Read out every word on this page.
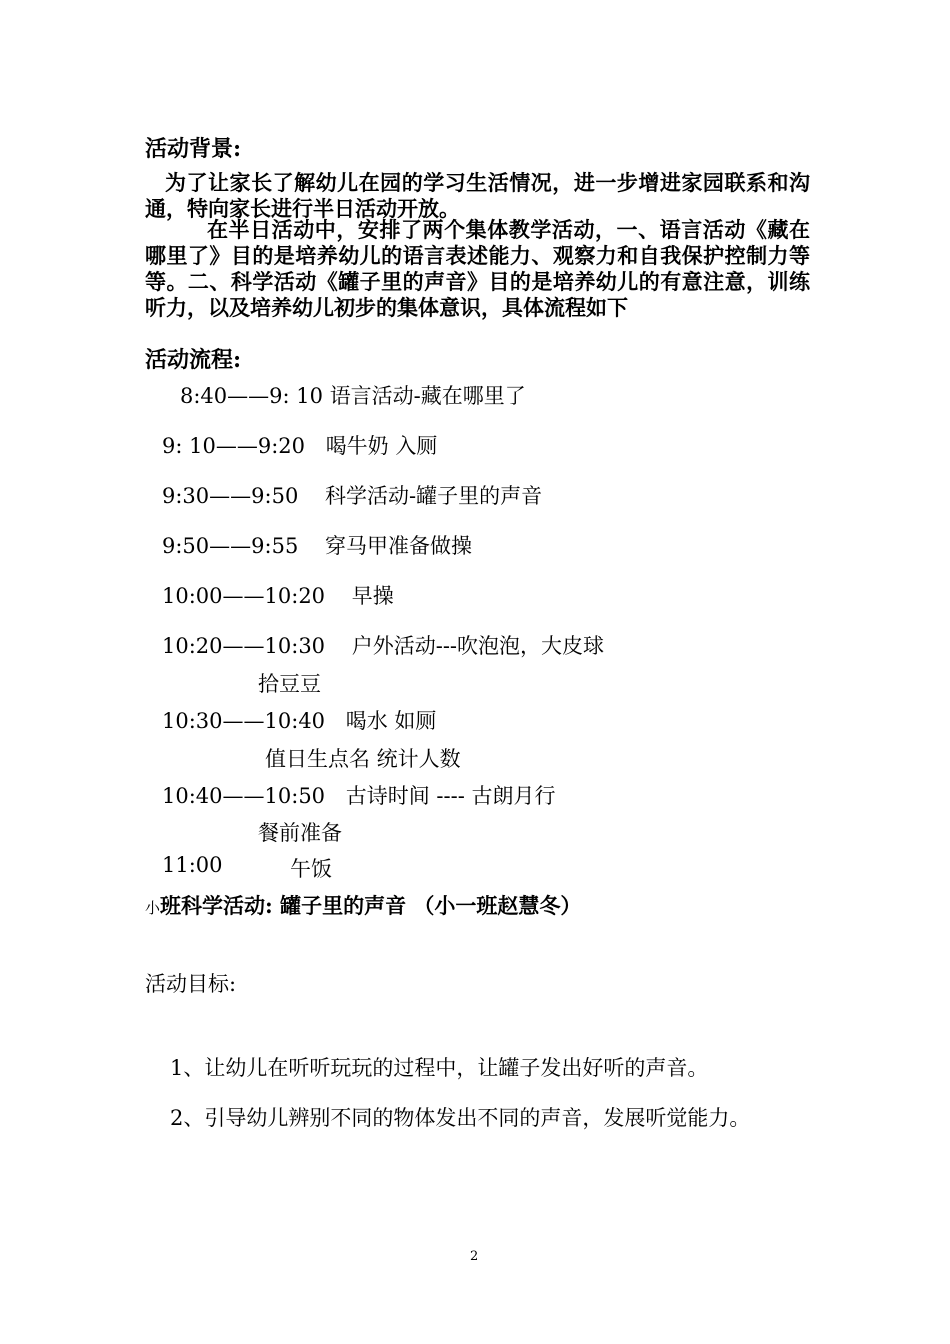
活动背景:
为了让家长了解幼儿在园的学习生活情况，进一步增进家园联系和沟通，特向家长进行半日活动开放。
在半日活动中，安排了两个集体教学活动，一、语言活动《藏在哪里了》目的是培养幼儿的语言表述能力、观察力和自我保护控制力等等。二、科学活动《罐子里的声音》目的是培养幼儿的有意注意，训练听力，以及培养幼儿初步的集体意识，具体流程如下
活动流程:
8:40——9: 10 语言活动-藏在哪里了
9: 10——9:20 喝牛奶 入厕
9:30——9:50 科学活动-罐子里的声音
9:50——9:55 穿马甲准备做操
10:00——10:20 早操
10:20——10:30 户外活动---吹泡泡，大皮球
拾豆豆
10:30——10:40 喝水 如厕
值日生点名 统计人数
10:40——10:50 古诗时间 ---- 古朗月行
餐前准备
11:00	午饭
小班科学活动: 罐子里的声音 （小一班赵慧冬）
活动目标:
1、让幼儿在听听玩玩的过程中，让罐子发出好听的声音。
2、引导幼儿辨别不同的物体发出不同的声音，发展听觉能力。
2
